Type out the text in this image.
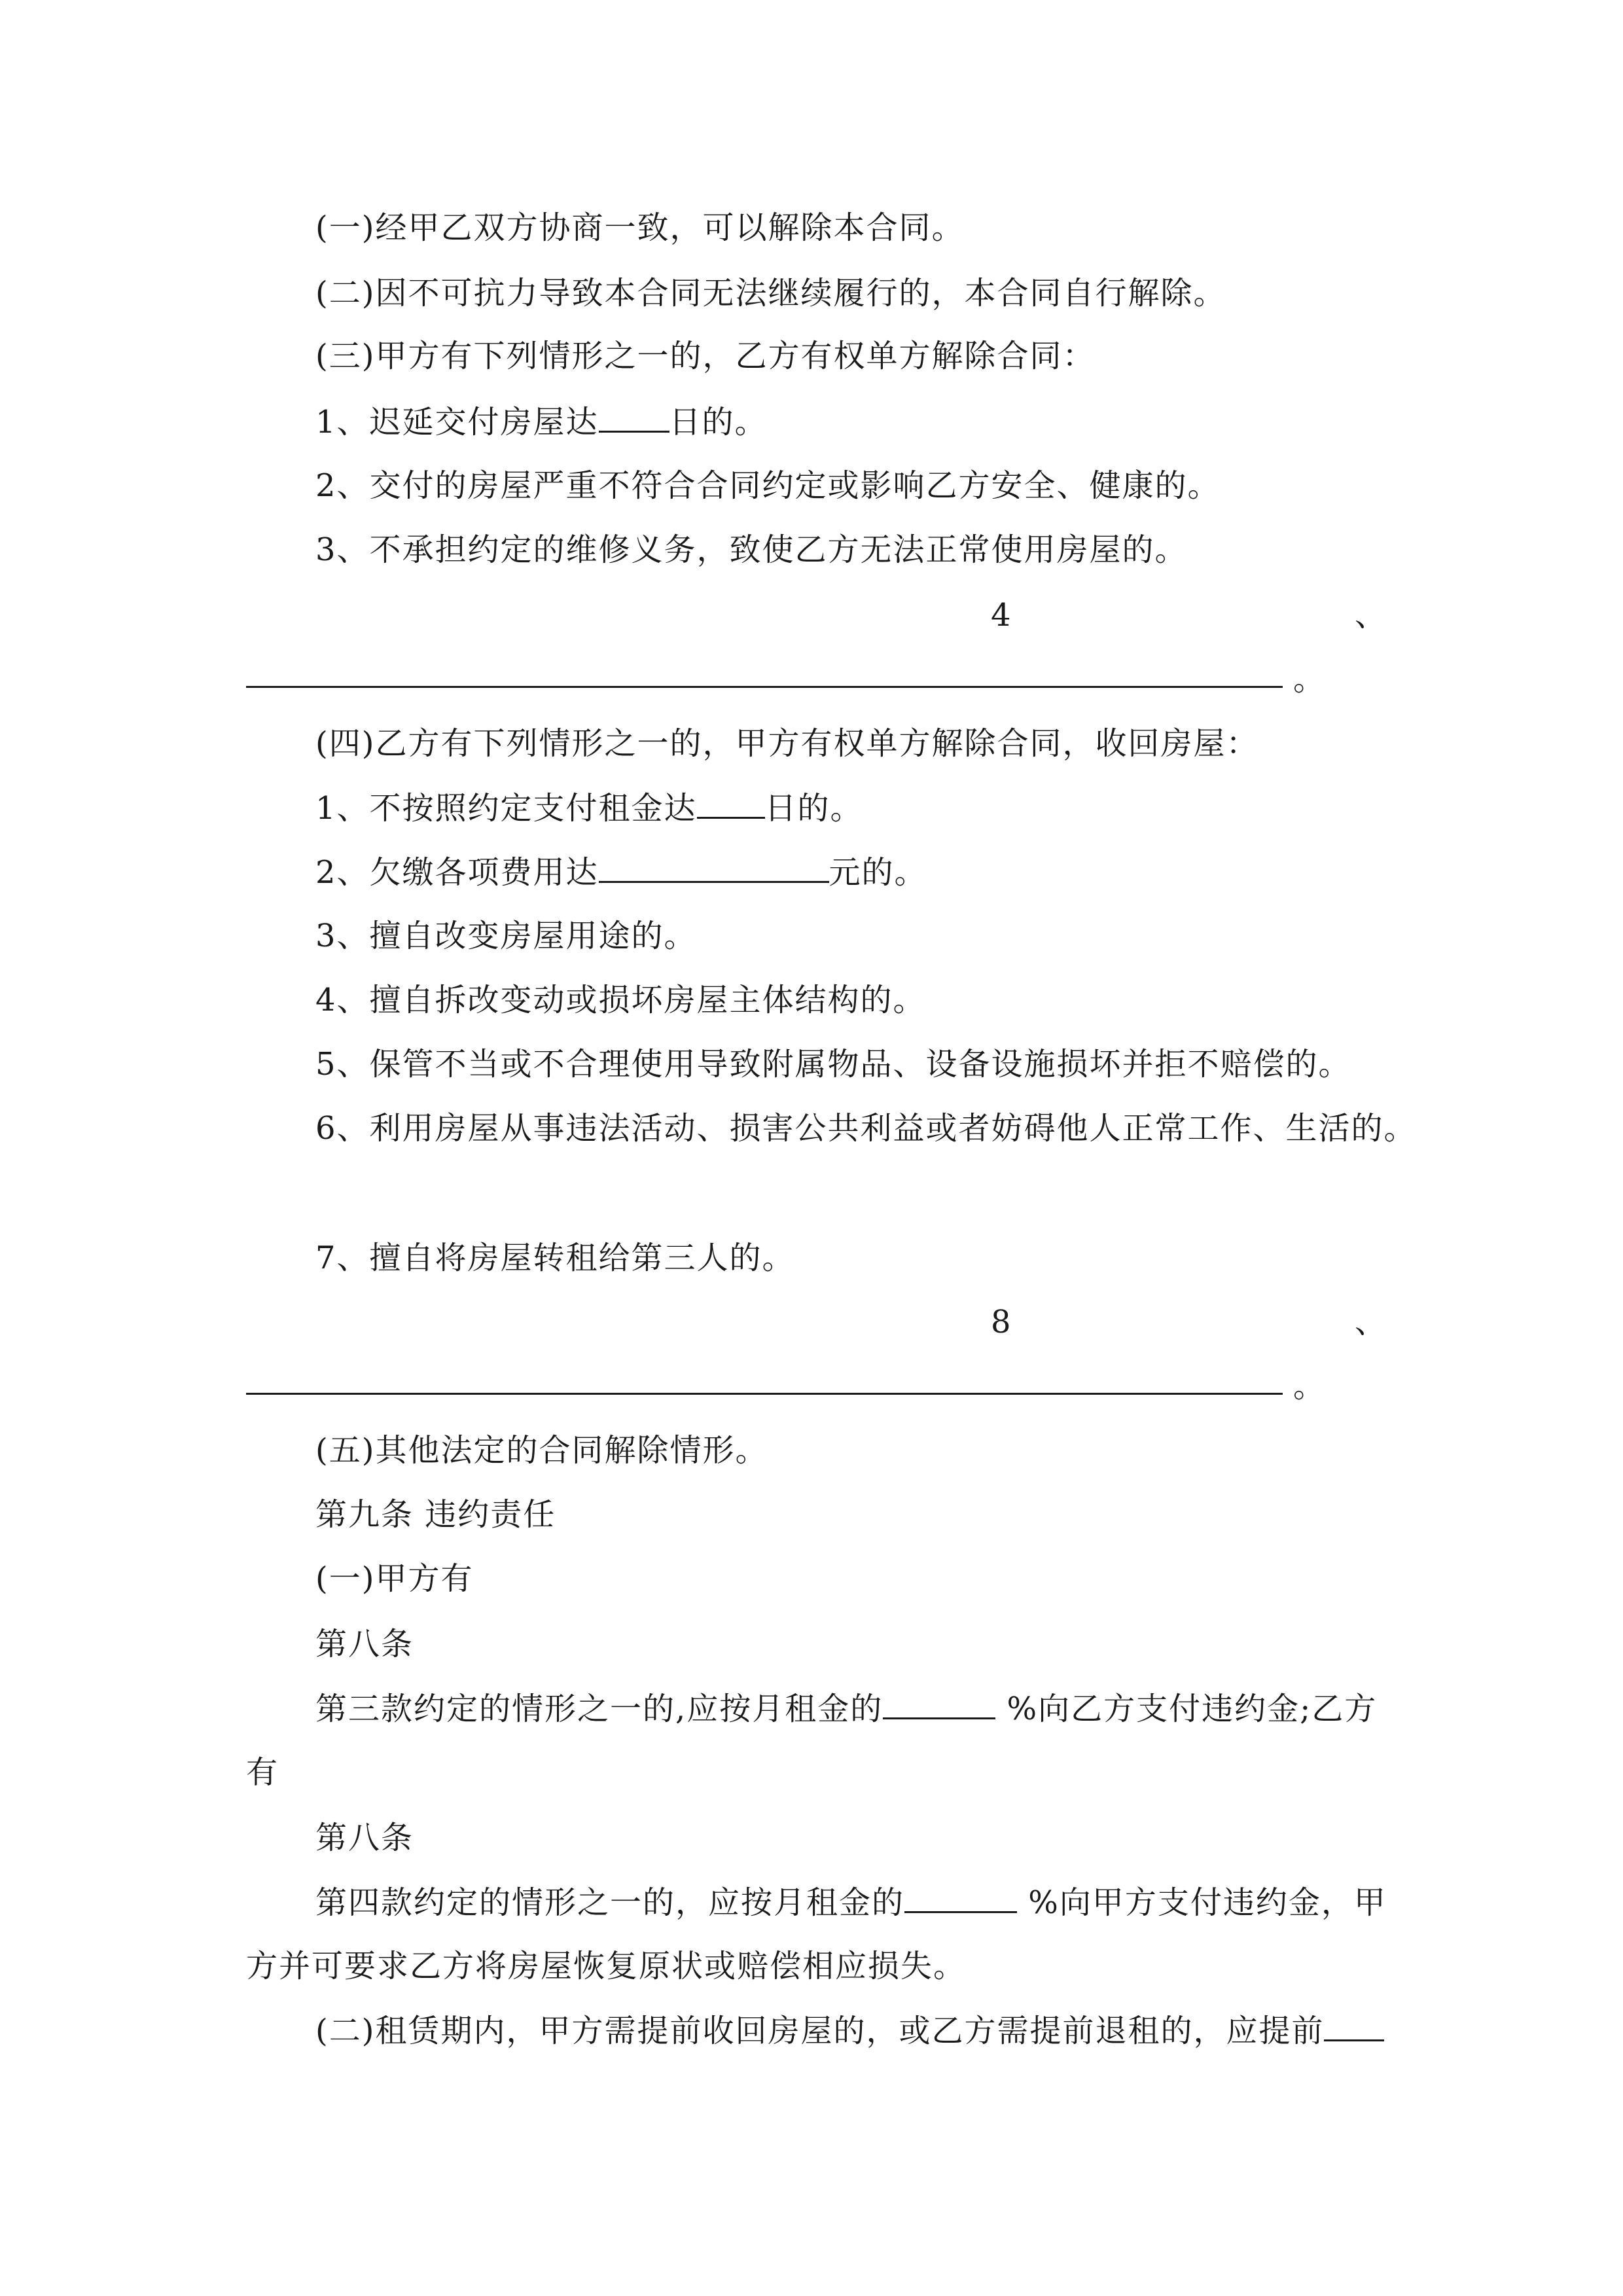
(一)经甲乙双方协商一致，可以解除本合同。
(二)因不可抗力导致本合同无法继续履行的，本合同自行解除。
(三)甲方有下列情形之一的，乙方有权单方解除合同：
1、迟延交付房屋达 日的。
2、交付的房屋严重不符合合同约定或影响乙方安全、健康的。
3、不承担约定的维修义务，致使乙方无法正常使用房屋的。
4	、
。
(四)乙方有下列情形之一的，甲方有权单方解除合同，收回房屋：
1、不按照约定支付租金达 日的。
2、欠缴各项费用达	元的。
3、擅自改变房屋用途的。
4、擅自拆改变动或损坏房屋主体结构的。
5、保管不当或不合理使用导致附属物品、设备设施损坏并拒不赔偿的。
6、利用房屋从事违法活动、损害公共利益或者妨碍他人正常工作、生活的。
7、擅自将房屋转租给第三人的。
8	、
。
(五)其他法定的合同解除情形。
第九条 违约责任
(一)甲方有
第八条
第三款约定的情形之一的,应按月租金的	%向乙方支付违约金;乙方
有
第八条
第四款约定的情形之一的，应按月租金的	%向甲方支付违约金，甲
方并可要求乙方将房屋恢复原状或赔偿相应损失。
(二)租赁期内，甲方需提前收回房屋的，或乙方需提前退租的，应提前
